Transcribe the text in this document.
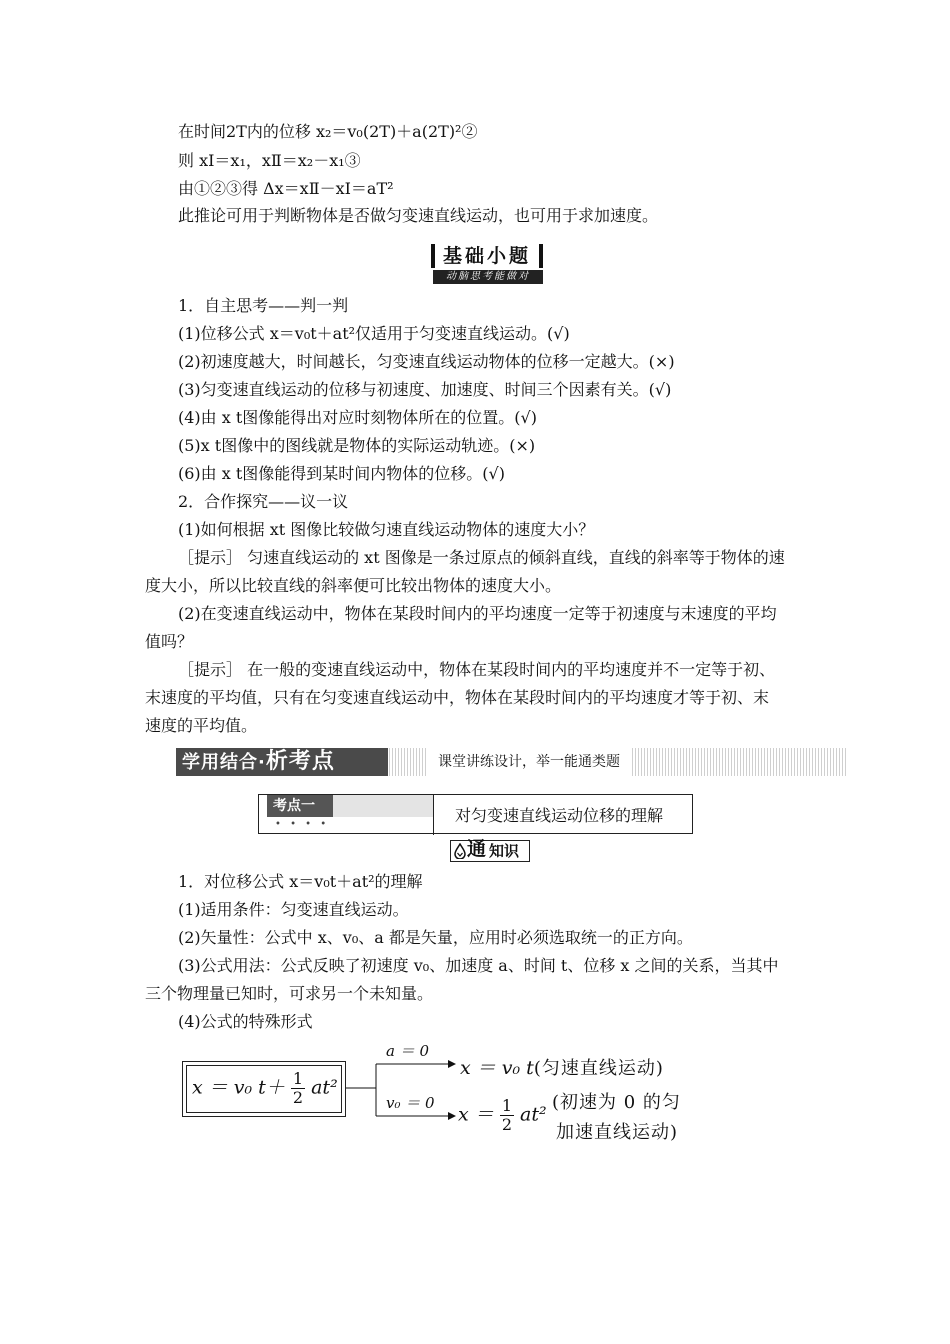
在时间2T内的位移 x₂＝v₀(2T)＋a(2T)²②
则 xⅠ＝x₁，xⅡ＝x₂－x₁③
由①②③得 Δx＝xⅡ－xⅠ＝aT²
此推论可用于判断物体是否做匀变速直线运动，也可用于求加速度。
基础小题
动脑思考能做对
1．自主思考——判一判
(1)位移公式 x＝v₀t＋at²仅适用于匀变速直线运动。(√)
(2)初速度越大，时间越长，匀变速直线运动物体的位移一定越大。(×)
(3)匀变速直线运动的位移与初速度、加速度、时间三个因素有关。(√)
(4)由 x t图像能得出对应时刻物体所在的位置。(√)
(5)x t图像中的图线就是物体的实际运动轨迹。(×)
(6)由 x t图像能得到某时间内物体的位移。(√)
2．合作探究——议一议
(1)如何根据 xt 图像比较做匀速直线运动物体的速度大小？
［提示］ 匀速直线运动的 xt 图像是一条过原点的倾斜直线，直线的斜率等于物体的速
度大小，所以比较直线的斜率便可比较出物体的速度大小。
(2)在变速直线运动中，物体在某段时间内的平均速度一定等于初速度与末速度的平均
值吗？
［提示］ 在一般的变速直线运动中，物体在某段时间内的平均速度并不一定等于初、
末速度的平均值，只有在匀变速直线运动中，物体在某段时间内的平均速度才等于初、末
速度的平均值。
学用结合·析考点	课堂讲练设计，举一能通类题
考点一
• • • •	对匀变速直线运动位移的理解
通 知识
1．对位移公式 x＝v₀t＋at²的理解
(1)适用条件：匀变速直线运动。
(2)矢量性：公式中 x、v₀、a 都是矢量，应用时必须选取统一的正方向。
(3)公式用法：公式反映了初速度 v₀、加速度 a、时间 t、位移 x 之间的关系，当其中
三个物理量已知时，可求另一个未知量。
(4)公式的特殊形式
x ＝ v₀ $t+ \frac{1}{2} at^2$
a ＝ 0
v₀ ＝ 0
x ＝ v₀ t(匀速直线运动)
$x = \frac{1}{2} at^2$
(初速为 0 的匀
加速直线运动)
